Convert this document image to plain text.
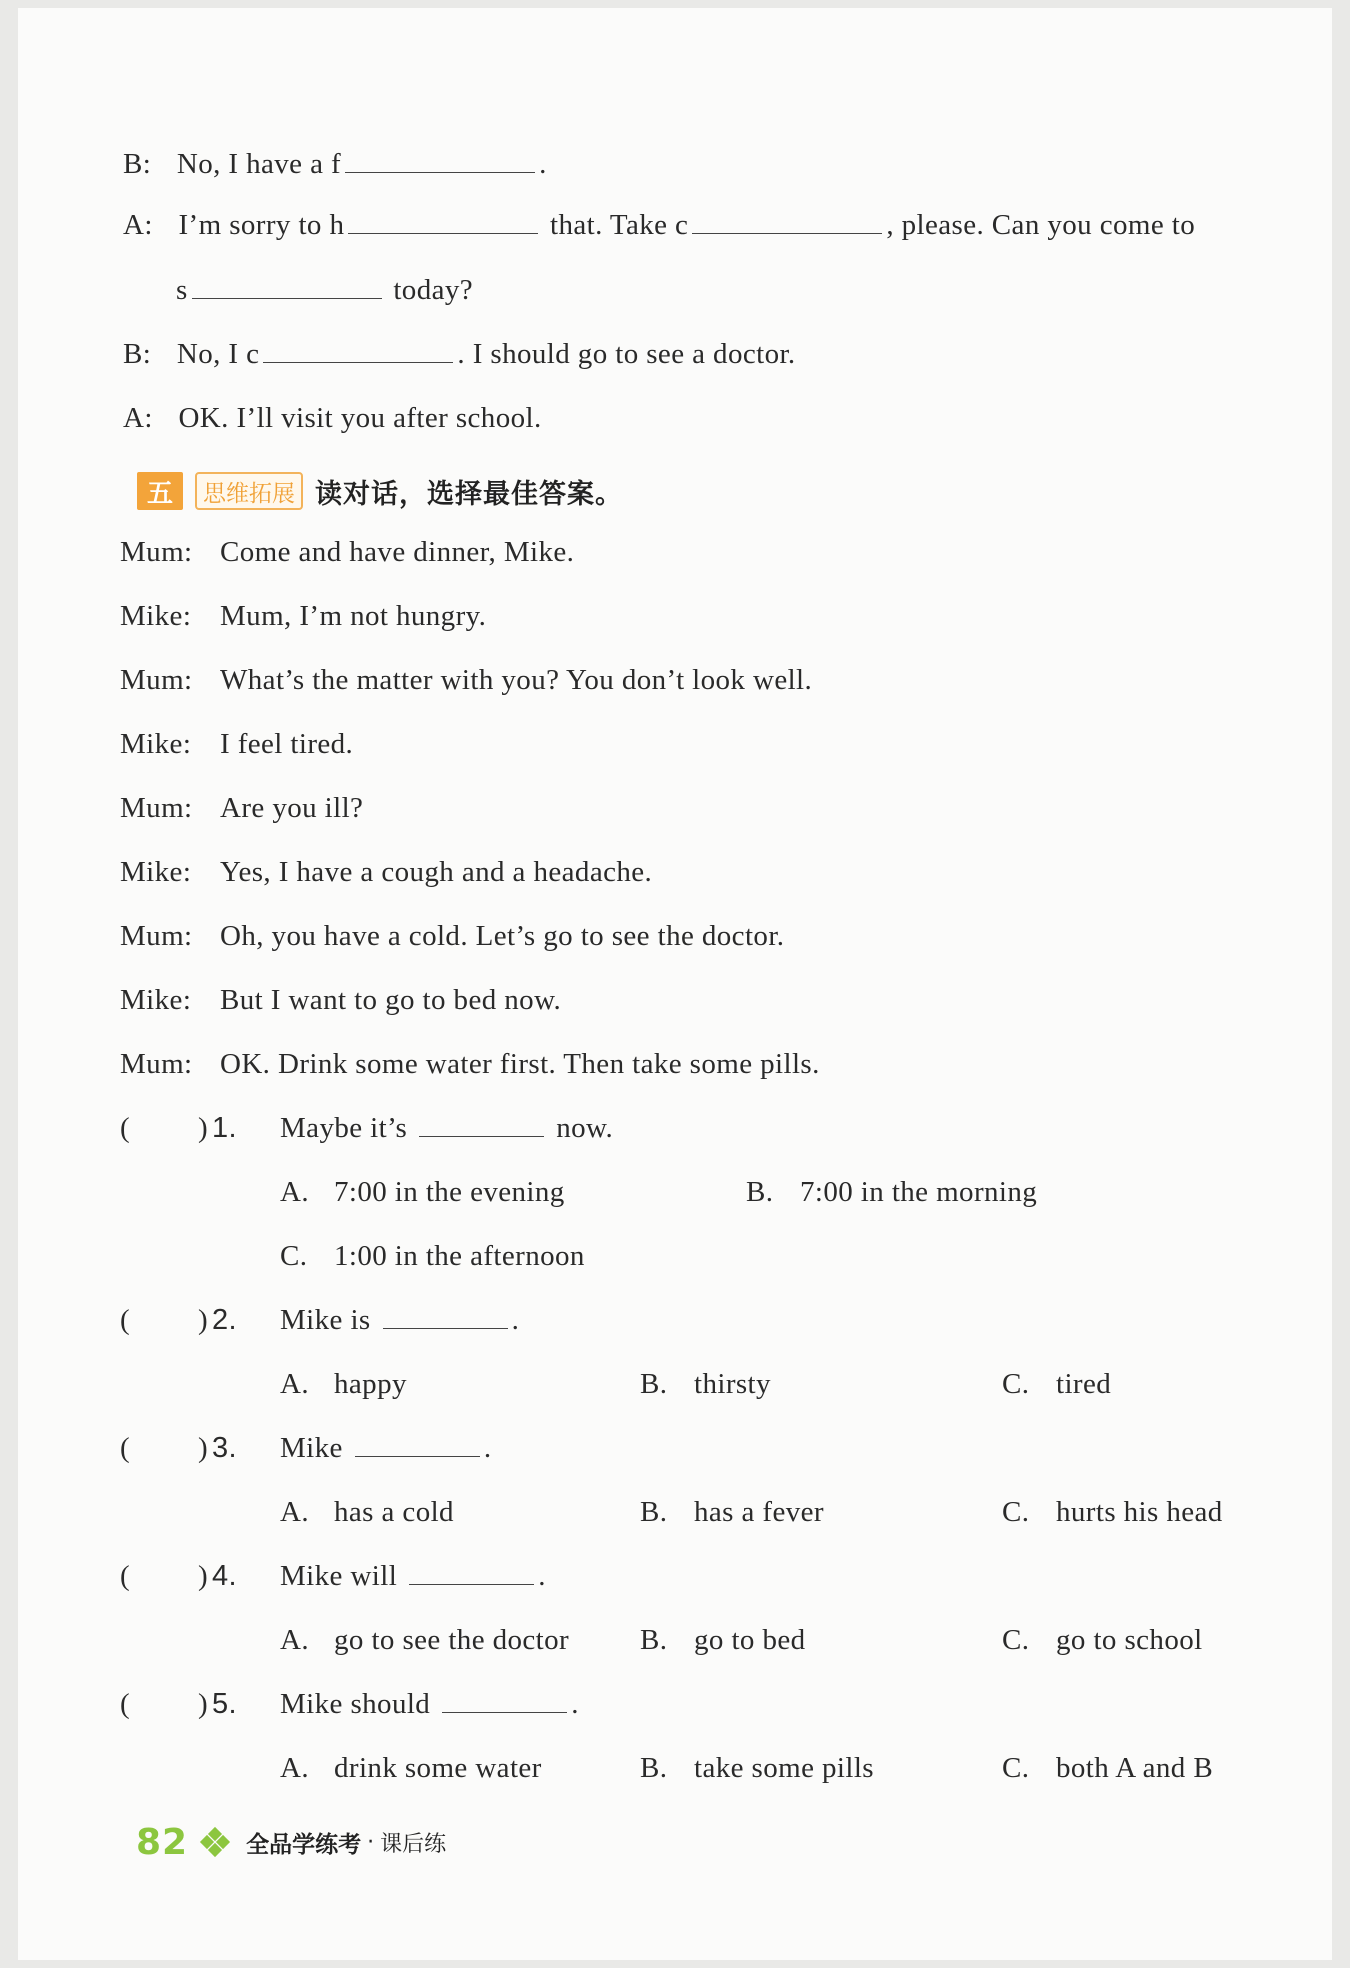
B: No, I have a f	.
A: I’m sorry to h	that. Take c	, please. Can you come to
s	today?
B: No, I c	. I should go to see a doctor.
A: OK. I’ll visit you after school.
五	思维拓展 读对话，选择最佳答案。
Mum: Come and have dinner, Mike.
Mike: Mum, I’m not hungry.
Mum: What’s the matter with you? You don’t look well.
Mike: I feel tired.
Mum: Are you ill?
Mike: Yes, I have a cough and a headache.
Mum: Oh, you have a cold. Let’s go to see the doctor.
Mike: But I want to go to bed now.
Mum: OK. Drink some water first. Then take some pills.
( ) 1. Maybe it’s	now.
A. 7:00 in the evening	B. 7:00 in the morning
C. 1:00 in the afternoon
( ) 2. Mike is	.
A. happy	B. thirsty	C. tired
( ) 3. Mike	.
A. has a cold	B. has a fever	C. hurts his head
( ) 4. Mike will	.
A. go to see the doctor B. go to bed	C. go to school
( ) 5. Mike should	.
A. drink some water	B. take some pills	C. both A and B
82	全品学练考 · 课后练
